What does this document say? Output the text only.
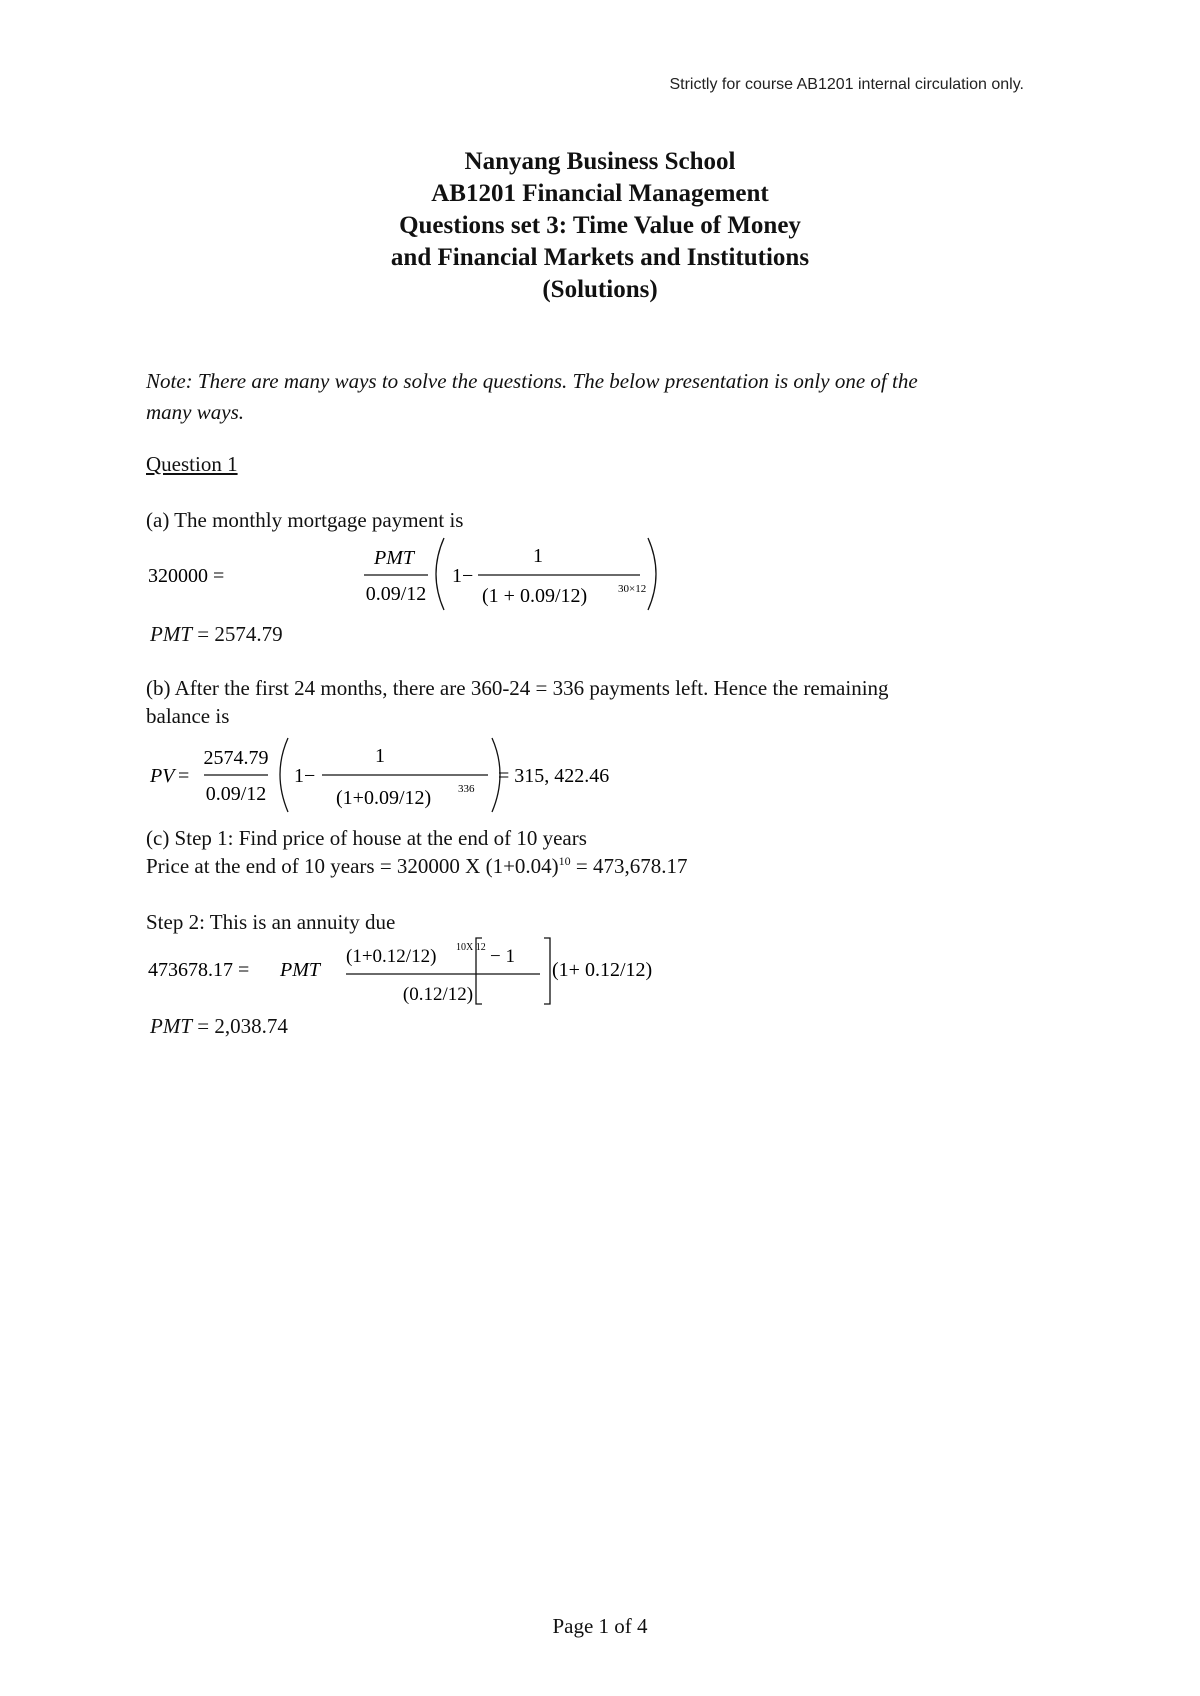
Strictly for course AB1201 internal circulation only.
Nanyang Business School
AB1201 Financial Management
Questions set 3: Time Value of Money
and Financial Markets and Institutions
(Solutions)
Note: There are many ways to solve the questions. The below presentation is only one of the
many ways.
Question 1
(a) The monthly mortgage payment is
320000 =
PMT
0.09/12
1−
1
(1 + 0.09/12)	30×12
PMT = 2574.79
(b) After the first 24 months, there are 360-24 = 336 payments left. Hence the remaining
balance is
PV =
2574.79
0.09/12
1−
1
(1+0.09/12) 336
= 315, 422.46
(c) Step 1: Find price of house at the end of 10 years
Price at the end of 10 years = 320000 X $(1+0.04)^{10} = 473,678.17$
Step 2: This is an annuity due
473678.17 = PMT
(1+0.12/12) 10X 12 − 1
(0.12/12)
(1+ 0.12/12)
PMT = 2,038.74
Page 1 of 4
